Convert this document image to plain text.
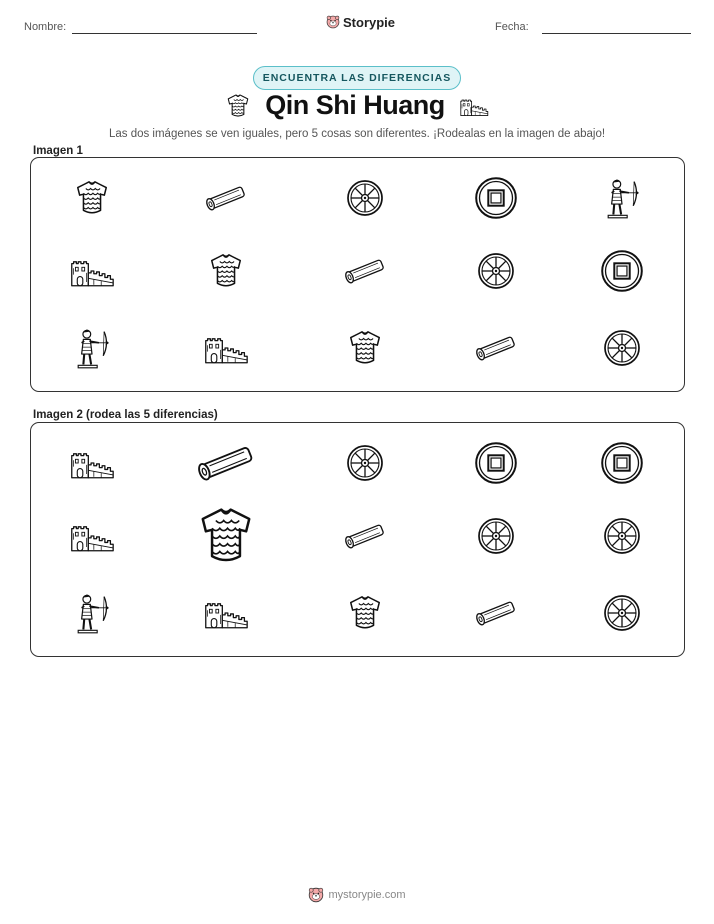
Nombre:	Storypie	Fecha:
ENCUENTRA LAS DIFERENCIAS
Qin Shi Huang
Las dos imágenes se ven iguales, pero 5 cosas son diferentes. ¡Rodealas en la imagen de abajo!
Imagen 1
Imagen 2 (rodea las 5 diferencias)
mystorypie.com
